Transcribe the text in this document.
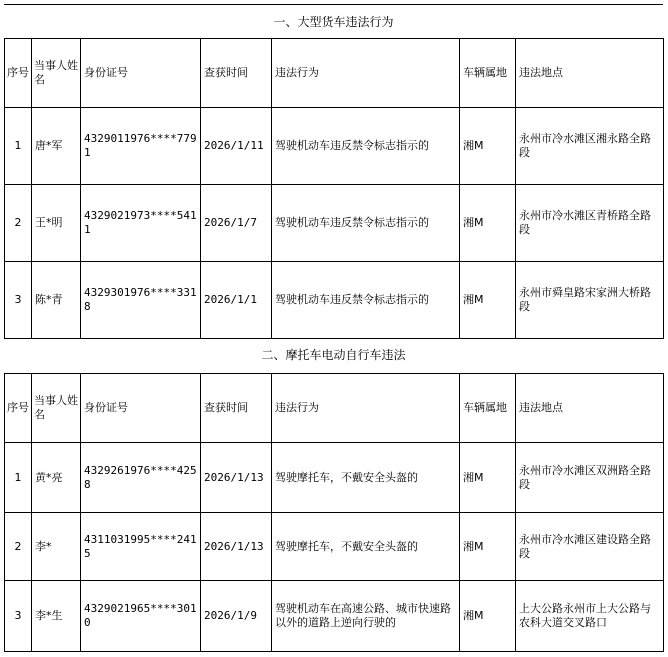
一、大型货车违法行为
序号	当事人姓名	身份证号	查获时间	违法行为	车辆属地	违法地点
1	唐*军	4329011976****7791	2026/1/11	驾驶机动车违反禁令标志指示的	湘M	永州市冷水滩区湘永路全路段
2	王*明	4329021973****5411	2026/1/7	驾驶机动车违反禁令标志指示的	湘M	永州市冷水滩区青桥路全路段
3	陈*青	4329301976****3318	2026/1/1	驾驶机动车违反禁令标志指示的	湘M	永州市舜皇路宋家洲大桥路段
二、摩托车电动自行车违法
序号	当事人姓名	身份证号	查获时间	违法行为	车辆属地	违法地点
1	黄*亮	4329261976****4258	2026/1/13	驾驶摩托车，不戴安全头盔的	湘M	永州市冷水滩区双洲路全路段
2	李*	4311031995****2415	2026/1/13	驾驶摩托车，不戴安全头盔的	湘M	永州市冷水滩区建设路全路段
3	李*生	4329021965****3010	2026/1/9	驾驶机动车在高速公路、城市快速路以外的道路上逆向行驶的	湘M	上大公路永州市上大公路与农科大道交叉路口
